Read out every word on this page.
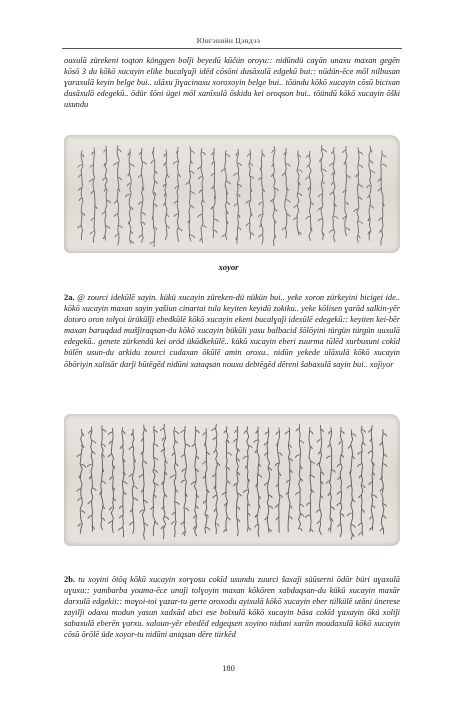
Юнгэнийн Цэндээ

ouxulā zürekeni toqton könggen bolǰi beyedū kūčün oroyu:: nidūndü caɣān unaxu maxan gegēn kōsō 3 du kōkō xucayin elike bucalɣaǰi idēd cōsōni dusāxulā edgekū bui:: nūdün-ēce mōl nilbusan ɣaraxulā keyin belge bui.. ulāxu ǰiɣacinaxu xoroxoyin belge bui.. tōündu kōkō xucayin cōsū bicixan dusāxulā edegekū.. ōdür šōni ügei mōl xanīxulā ōskidu kei oroqson bui.. tōündū kōkō xucayin ōški usundu

xoyor

2a. @ zourci idekūlē sayin. kükü xucayin züreken-dü nükün bui.. yeke xoron zürkeyini bicigei ide.. kōkō xucayin maxan sayin yašiun cinartai tula keyiten keyidū zokiku.. yeke kōlisen ɣarād salkin-yēr dotoro oron tolɣoi ürükūlǰi ebedkūlē kōkō xucayin ekeni bucalɣaǰi idexūlē edegekū:: keyiten kei-bēr maxan baraqdad mušǰiraqsan-du kōkō xucayin bükūli yasu balbacid šōlōyini türgün türgün uuxulā edegekū.. genete zürkendü kei oröd ükūdkekūlē.. kükū xucayin eberi zuurma tūlēd xurbusuni cokīd bülēn usun-du arkidu zourci cudaxan ōkūlē amin oroxu.. nidūn yekede ulāxulā kōkō xucayin ōbōriyin xalisār darǰi būtēgēd nidūni xataqsan nouxu debtēgēd dēreni šabaxulā sayin bui.. xoǰiyor

2b. tu xoyini ōtōq kōkū xucayin xorɣosu cokīd usundu zuurci šaxaǰi süūserni ōdūr büri uɣaxulā uɣuxu:: yambarba youma-ēce unuǰi tolɣoyin maxan kōkōren xabdaqsan-du kükū xucayin maxār darxulā edgekii:: moɣoi-toi ɣazar-tu gerte oroxodu ayixulā kōkō xucayin eber tülkülē utāni ünerese zayilǰi odaxu modun yasun xadxād abci ese bolxulā kōkō xucayin bāsa cokīd ɣaxayin ōkü xoliǰi sabaxulā eberēn ɣarxu. xaloun-yēr ebedēd edgeqsen xoyino niduni xarān moudaxulā kōkō xucayin cōsū ōrōlē üde xoyor-tu nidūni aniqsan dēre türkēd

180
